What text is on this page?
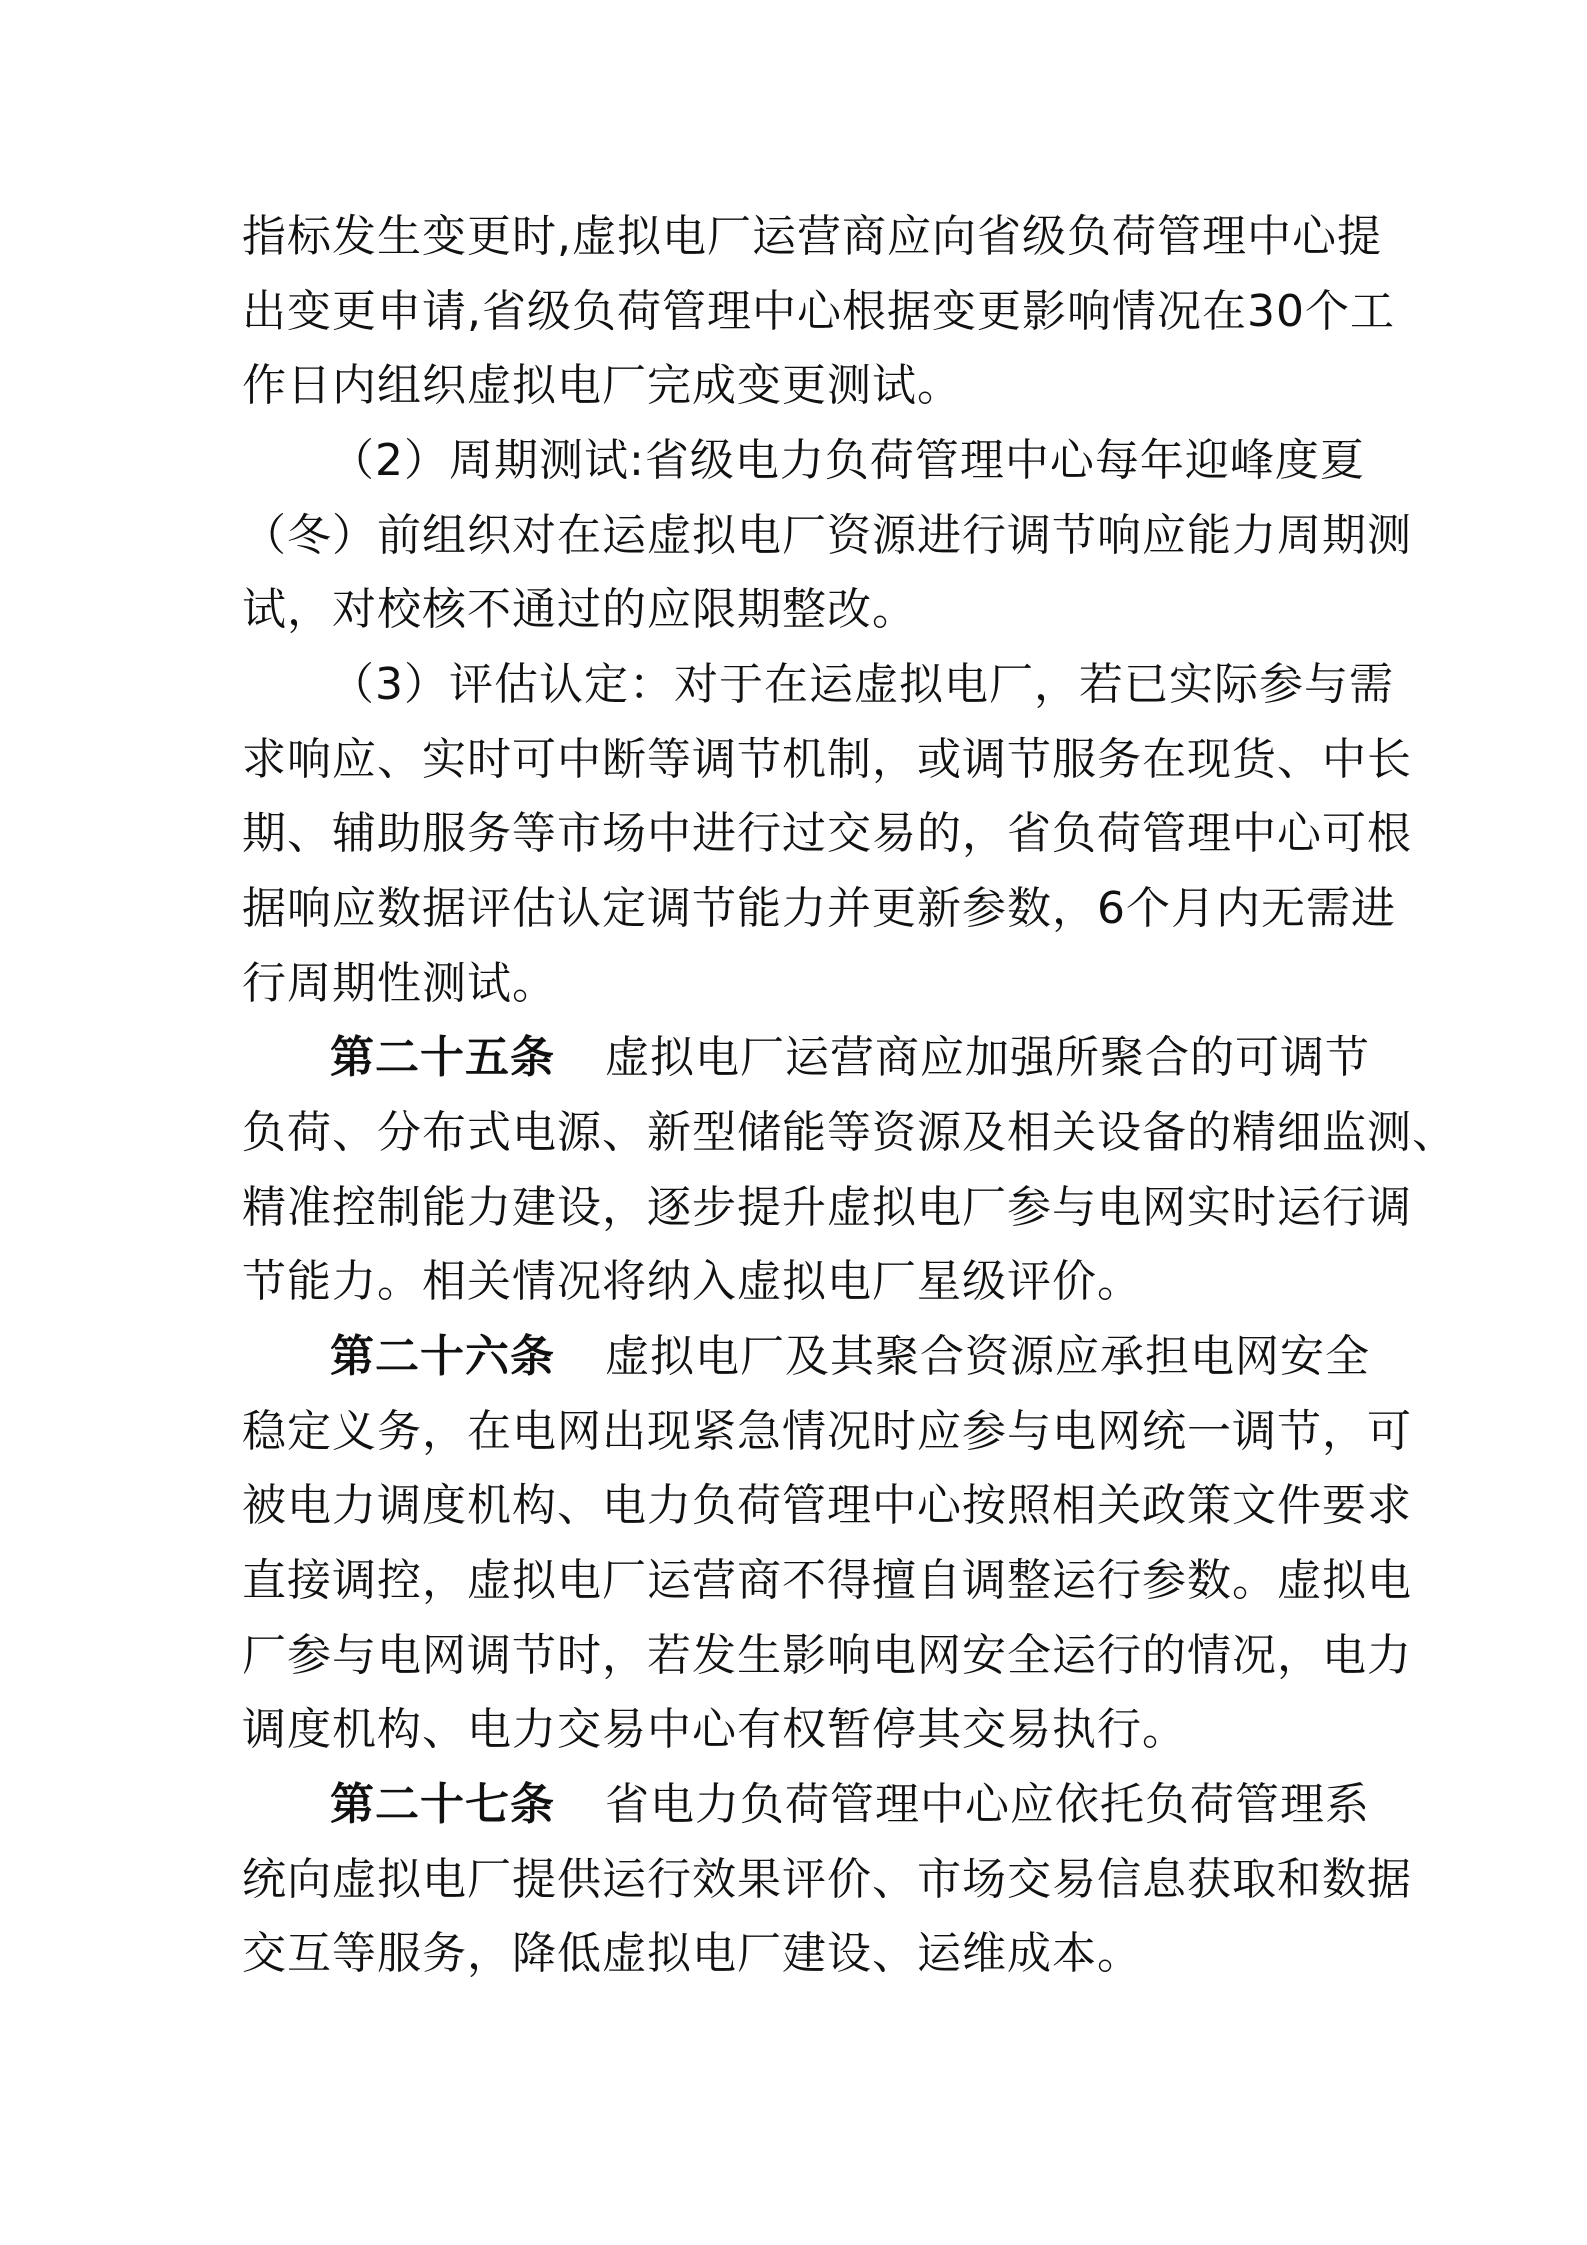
指标发生变更时,虚拟电厂运营商应向省级负荷管理中心提
出变更申请,省级负荷管理中心根据变更影响情况在30个工
作日内组织虚拟电厂完成变更测试。
（2）周期测试:省级电力负荷管理中心每年迎峰度夏
（冬）前组织对在运虚拟电厂资源进行调节响应能力周期测
试，对校核不通过的应限期整改。
（3）评估认定：对于在运虚拟电厂，若已实际参与需
求响应、实时可中断等调节机制，或调节服务在现货、中长
期、辅助服务等市场中进行过交易的，省负荷管理中心可根
据响应数据评估认定调节能力并更新参数，6个月内无需进
行周期性测试。
第二十五条 虚拟电厂运营商应加强所聚合的可调节
负荷、分布式电源、新型储能等资源及相关设备的精细监测、
精准控制能力建设，逐步提升虚拟电厂参与电网实时运行调
节能力。相关情况将纳入虚拟电厂星级评价。
第二十六条 虚拟电厂及其聚合资源应承担电网安全
稳定义务，在电网出现紧急情况时应参与电网统一调节，可
被电力调度机构、电力负荷管理中心按照相关政策文件要求
直接调控，虚拟电厂运营商不得擅自调整运行参数。虚拟电
厂参与电网调节时，若发生影响电网安全运行的情况，电力
调度机构、电力交易中心有权暂停其交易执行。
第二十七条 省电力负荷管理中心应依托负荷管理系
统向虚拟电厂提供运行效果评价、市场交易信息获取和数据
交互等服务，降低虚拟电厂建设、运维成本。
